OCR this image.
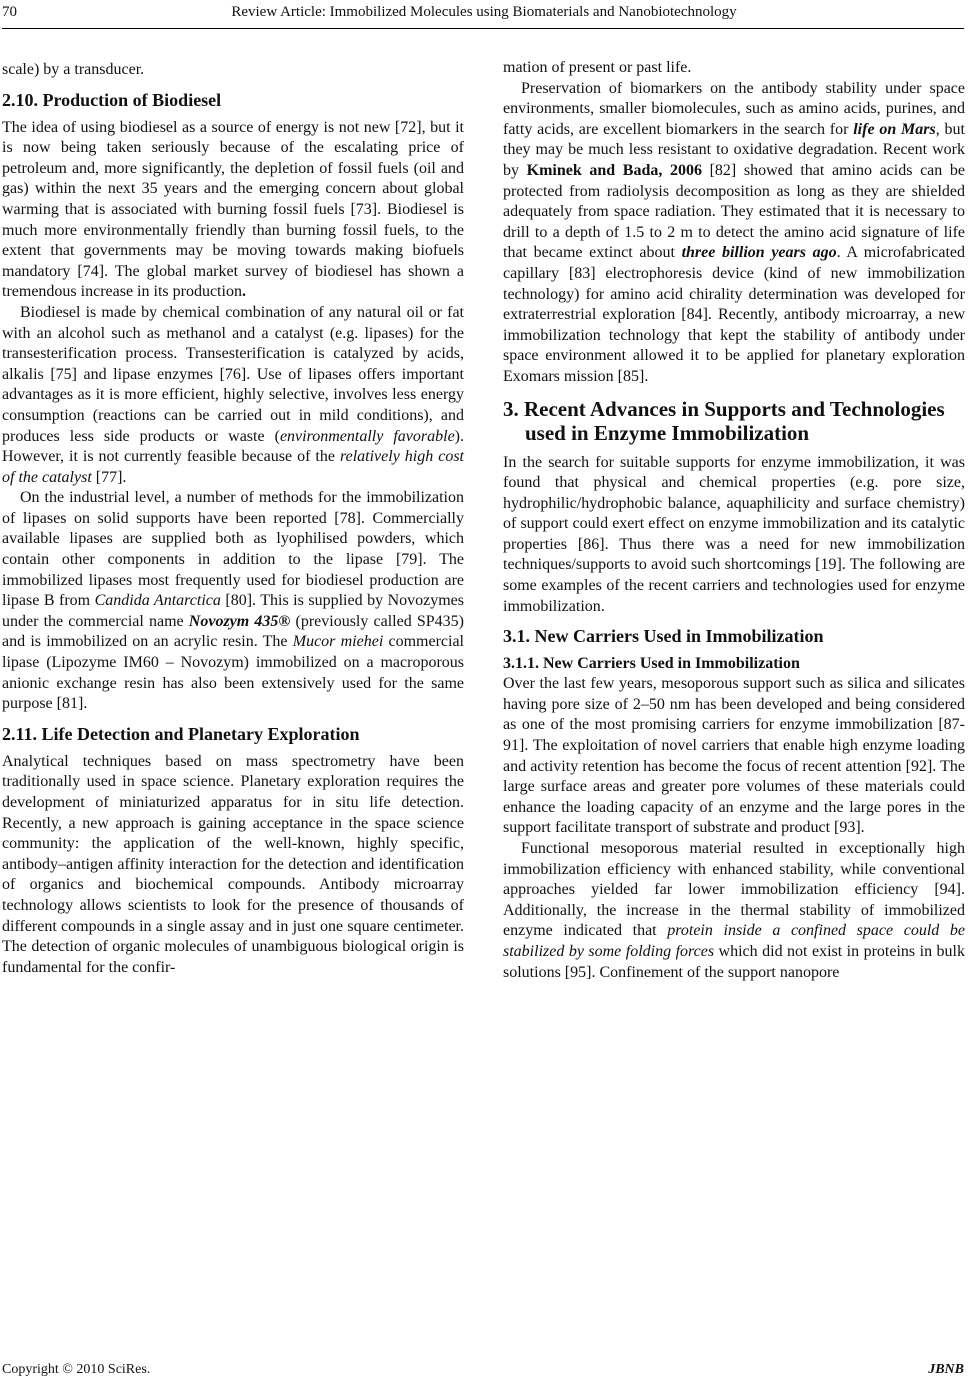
70	Review Article: Immobilized Molecules using Biomaterials and Nanobiotechnology

scale) by a transducer.

2.10. Production of Biodiesel

The idea of using biodiesel as a source of energy is not new [72], but it is now being taken seriously because of the escalating price of petroleum and, more significantly, the depletion of fossil fuels (oil and gas) within the next 35 years and the emerging concern about global warming that is associated with burning fossil fuels [73]. Biodiesel is much more environmentally friendly than burning fossil fuels, to the extent that governments may be moving towards making biofuels mandatory [74]. The global market survey of biodiesel has shown a tremendous increase in its production.

Biodiesel is made by chemical combination of any natural oil or fat with an alcohol such as methanol and a catalyst (e.g. lipases) for the transesterification process. Transesterification is catalyzed by acids, alkalis [75] and lipase enzymes [76]. Use of lipases offers important advantages as it is more efficient, highly selective, involves less energy consumption (reactions can be carried out in mild conditions), and produces less side products or waste (environmentally favorable). However, it is not currently feasible because of the relatively high cost of the catalyst [77].

On the industrial level, a number of methods for the immobilization of lipases on solid supports have been reported [78]. Commercially available lipases are supplied both as lyophilised powders, which contain other components in addition to the lipase [79]. The immobilized lipases most frequently used for biodiesel production are lipase B from Candida Antarctica [80]. This is supplied by Novozymes under the commercial name Novozym 435® (previously called SP435) and is immobilized on an acrylic resin. The Mucor miehei commercial lipase (Lipozyme IM60 – Novozym) immobilized on a macroporous anionic exchange resin has also been extensively used for the same purpose [81].

2.11. Life Detection and Planetary Exploration

Analytical techniques based on mass spectrometry have been traditionally used in space science. Planetary exploration requires the development of miniaturized apparatus for in situ life detection. Recently, a new approach is gaining acceptance in the space science community: the application of the well-known, highly specific, antibody–antigen affinity interaction for the detection and identification of organics and biochemical compounds. Antibody microarray technology allows scientists to look for the presence of thousands of different compounds in a single assay and in just one square centimeter. The detection of organic molecules of unambiguous biological origin is fundamental for the confir-

mation of present or past life.

Preservation of biomarkers on the antibody stability under space environments, smaller biomolecules, such as amino acids, purines, and fatty acids, are excellent biomarkers in the search for life on Mars, but they may be much less resistant to oxidative degradation. Recent work by Kminek and Bada, 2006 [82] showed that amino acids can be protected from radiolysis decomposition as long as they are shielded adequately from space radiation. They estimated that it is necessary to drill to a depth of 1.5 to 2 m to detect the amino acid signature of life that became extinct about three billion years ago. A microfabricated capillary [83] electrophoresis device (kind of new immobilization technology) for amino acid chirality determination was developed for extraterrestrial exploration [84]. Recently, antibody microarray, a new immobilization technology that kept the stability of antibody under space environment allowed it to be applied for planetary exploration Exomars mission [85].

3. Recent Advances in Supports and Technologies used in Enzyme Immobilization

In the search for suitable supports for enzyme immobilization, it was found that physical and chemical properties (e.g. pore size, hydrophilic/hydrophobic balance, aquaphilicity and surface chemistry) of support could exert effect on enzyme immobilization and its catalytic properties [86]. Thus there was a need for new immobilization techniques/supports to avoid such shortcomings [19]. The following are some examples of the recent carriers and technologies used for enzyme immobilization.

3.1. New Carriers Used in Immobilization
3.1.1. New Carriers Used in Immobilization

Over the last few years, mesoporous support such as silica and silicates having pore size of 2–50 nm has been developed and being considered as one of the most promising carriers for enzyme immobilization [87-91]. The exploitation of novel carriers that enable high enzyme loading and activity retention has become the focus of recent attention [92]. The large surface areas and greater pore volumes of these materials could enhance the loading capacity of an enzyme and the large pores in the support facilitate transport of substrate and product [93].

Functional mesoporous material resulted in exceptionally high immobilization efficiency with enhanced stability, while conventional approaches yielded far lower immobilization efficiency [94]. Additionally, the increase in the thermal stability of immobilized enzyme indicated that protein inside a confined space could be stabilized by some folding forces which did not exist in proteins in bulk solutions [95]. Confinement of the support nanopore

Copyright © 2010 SciRes.	JBNB
